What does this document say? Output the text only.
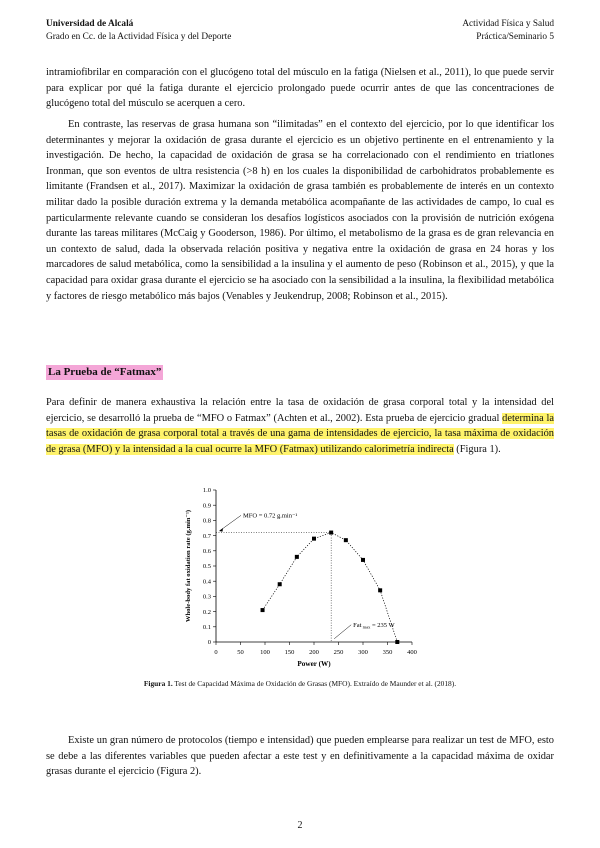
Universidad de Alcalá
Grado en Cc. de la Actividad Física y del Deporte
Actividad Física y Salud
Práctica/Seminario 5

intramiofibrilar en comparación con el glucógeno total del músculo en la fatiga (Nielsen et al., 2011), lo que puede servir para explicar por qué la fatiga durante el ejercicio prolongado puede ocurrir antes de que las concentraciones de glucógeno total del músculo se acerquen a cero.

En contraste, las reservas de grasa humana son “ilimitadas” en el contexto del ejercicio, por lo que identificar los determinantes y mejorar la oxidación de grasa durante el ejercicio es un objetivo pertinente en el entrenamiento y la investigación. De hecho, la capacidad de oxidación de grasa se ha correlacionado con el rendimiento en triatlones Ironman, que son eventos de ultra resistencia (>8 h) en los cuales la disponibilidad de carbohidratos probablemente es limitante (Frandsen et al., 2017). Maximizar la oxidación de grasa también es probablemente de interés en un contexto militar dado la posible duración extrema y la demanda metabólica acompañante de las actividades de campo, lo cual es particularmente relevante cuando se consideran los desafíos logísticos asociados con la provisión de nutrición exógena durante las tareas militares (McCaig y Gooderson, 1986). Por último, el metabolismo de la grasa es de gran relevancia en un contexto de salud, dada la observada relación positiva y negativa entre la oxidación de grasa en 24 horas y los marcadores de salud metabólica, como la sensibilidad a la insulina y el aumento de peso (Robinson et al., 2015), y que la capacidad para oxidar grasa durante el ejercicio se ha asociado con la sensibilidad a la insulina, la flexibilidad metabólica y factores de riesgo metabólico más bajos (Venables y Jeukendrup, 2008; Robinson et al., 2015).

La Prueba de “Fatmax”

Para definir de manera exhaustiva la relación entre la tasa de oxidación de grasa corporal total y la intensidad del ejercicio, se desarrolló la prueba de “MFO o Fatmax” (Achten et al., 2002). Esta prueba de ejercicio gradual determina la tasas de oxidación de grasa corporal total a través de una gama de intensidades de ejercicio, la tasa máxima de oxidación de grasa (MFO) y la intensidad a la cual ocurre la MFO (Fatmax) utilizando calorimetría indirecta (Figura 1).

0	50	100 150 200 250 300 350 400
0
0.1
0.2
0.3
0.4
0.5
0.6
0.7
0.8
0.9
1.0
Power (W)
Whole-body fat oxidation rate (g.min⁻¹)	MFO = 0.72 g.min⁻¹
Fat $_{max}$ = 235 W
Figura 1. Test de Capacidad Máxima de Oxidación de Grasas (MFO). Extraído de Maunder et al. (2018).

Existe un gran número de protocolos (tiempo e intensidad) que pueden emplearse para realizar un test de MFO, esto se debe a las diferentes variables que pueden afectar a este test y en definitivamente a la capacidad máxima de oxidar grasas durante el ejercicio (Figura 2).

2
